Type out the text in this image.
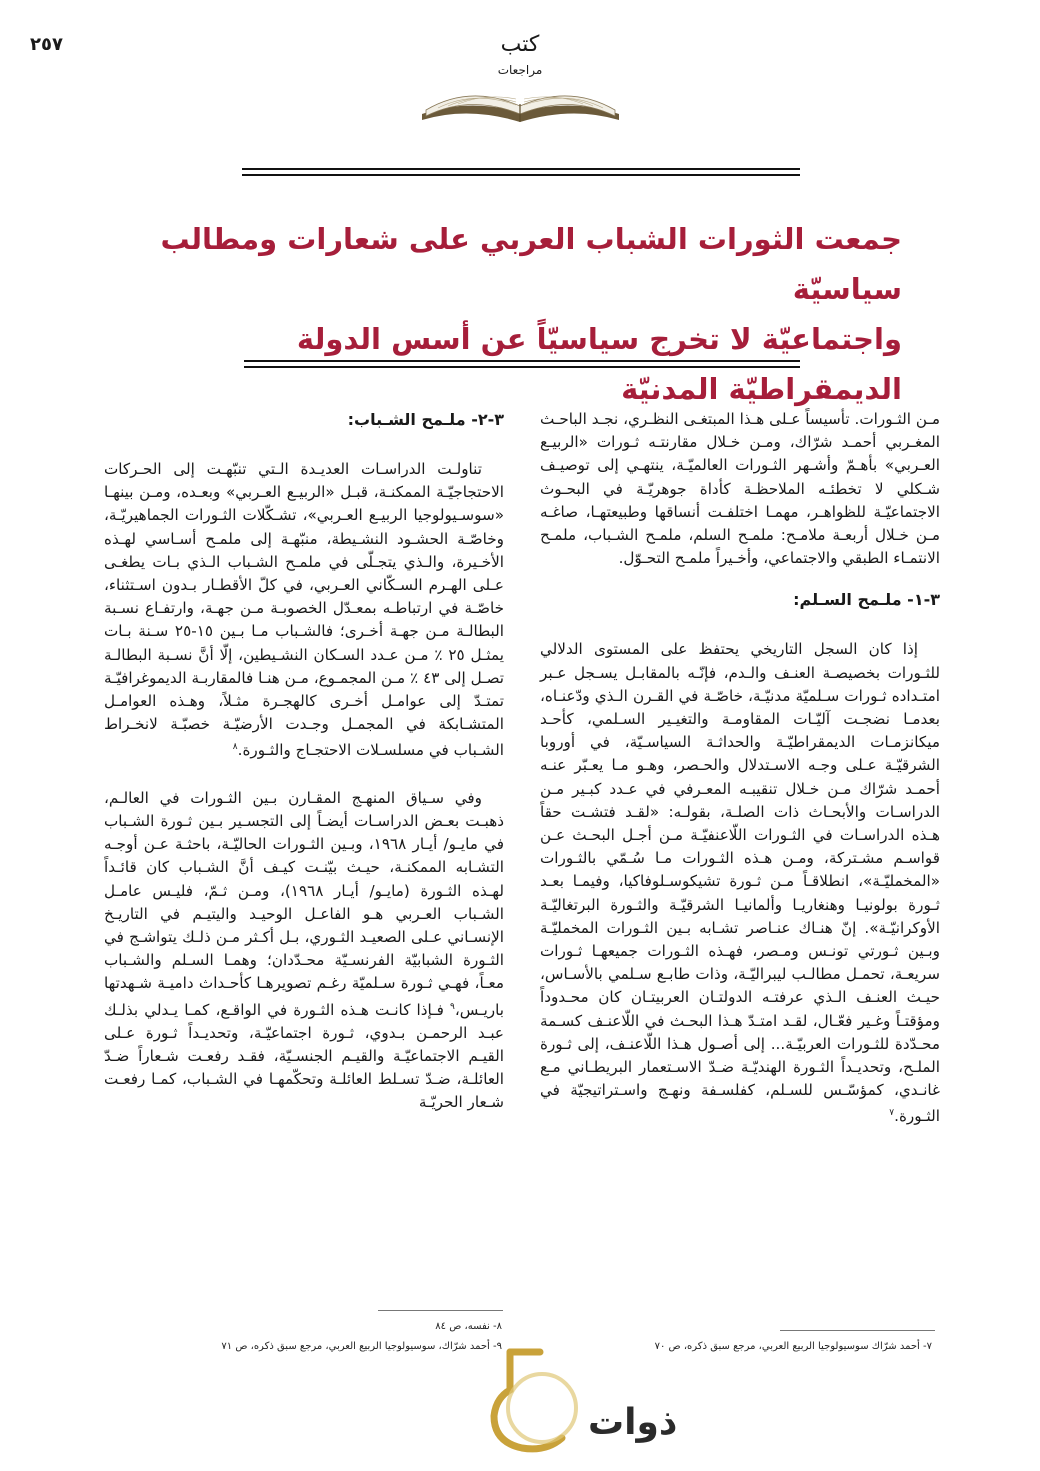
٢٥٧	كتب
مراجعات
جمعت الثورات الشباب العربي على شعارات ومطالب سياسيّة
واجتماعيّة لا تخرج سياسيّاً عن أسس الدولة الديمقراطيّة المدنيّة

مـن الثـورات. تأسيساً عـلى هـذا المبتغـى النظـري، نجـد الباحـث المغـربي أحمـد شرّاك، ومـن خـلال مقارنتـه ثـورات «الربيـع العـربي» بأهـمّ وأشـهر الثـورات العالميّـة، ينتهـي إلى توصيـف شـكلي لا تخطئـه الملاحظـة كأداة جوهريّـة في البحـوث الاجتماعيّـة للظواهـر، مهمـا اختلفـت أنساقها وطبيعتهـا، صاغـه مـن خـلال أربعـة ملامـح: ملمـح السلم، ملمـح الشـباب، ملمـح الانتمـاء الطبقي والاجتماعي، وأخـيراً ملمـح التحـوّل.

٣-١- ملـمح السـلم:

إذا كان السجل التاريخي يحتفظ على المستوى الدلالي للثـورات بخصيصـة العنـف والـدم، فإنّـه بالمقابـل يسـجل عـبر امتـداده ثـورات سـلميّة مدنيّـة، خاصّـة في القـرن الـذي ودّعنـاه، بعدمـا نضجـت آليّـات المقاومـة والتغيـير السـلمي، كأحـد ميكانزمـات الديمقراطيّـة والحداثـة السياسـيّة، في أوروبا الشرقيّـة عـلى وجـه الاسـتدلال والحـصر، وهـو مـا يعـبّر عنـه أحمـد شرّاك مـن خـلال تنقيبـه المعـرفي في عـدد كبـير مـن الدراسـات والأبحـاث ذات الصلـة، بقولـه: «لقـد فتشـت حقاً هـذه الدراسـات في الثـورات اللّاعنفيّـة مـن أجـل البحـث عـن قواسـم مشـتركة، ومـن هـذه الثـورات مـا سُـمّي بالثـورات «المخمليّـة»، انطلاقـاً مـن ثـورة تشيكوسـلوفاكيا، وفيمـا بعـد ثـورة بولونيـا وهنغاريـا وألمانيـا الشرقيّـة والثـورة البرتغاليّـة الأوكرانيّـة». إنّ هنـاك عنـاصر تشـابه بـين الثـورات المخمليّـة وبـين ثـورتي تونـس ومـصر، فهـذه الثـورات جميعهـا ثـورات سريعـة، تحمـل مطالـب ليبراليّـة، وذات طابـع سـلمي بالأسـاس، حيـث العنـف الـذي عرفتـه الدولتـان العربيتـان كان محـدوداً ومؤقتـاً وغـير فعّـال، لقـد امتـدّ هـذا البحـث في اللّاعنـف كسـمة محـدّدة للثـورات العربيّـة... إلى أصـول هـذا اللّاعنـف، إلى ثـورة الملـح، وتحديـداً الثـورة الهنديّـة ضـدّ الاسـتعمار البريطـاني مـع غانـدي، كمؤسّـس للسـلم، كفلسـفة ونهـج واسـتراتيجيّة في الثـورة.$^٧$

٣-٢- ملـمح الشـباب:

تناولـت الدراسـات العديـدة الـتي تنبّهـت إلى الحـركات الاحتجاجيّـة الممكنـة، قبـل «الربيـع العـربي» وبعـده، ومـن بينهـا «سوسـيولوجيا الربيـع العـربي»، تشـكّلات الثـورات الجماهيريّـة، وخاصّـة الحشـود النشـيطة، منبّهـة إلى ملمـح أسـاسي لهـذه الأخـيرة، والـذي يتجـلّى في ملمـح الشـباب الـذي بـات يطغـى عـلى الهـرم السـكّاني العـربي، في كلّ الأقطـار بـدون اسـتثناء، خاصّـة في ارتباطـه بمعـدّل الخصوبـة مـن جهـة، وارتفـاع نسـبة البطالـة مـن جهـة أخـرى؛ فالشـباب مـا بـين ١٥-٢٥ سـنة بـات يمثـل ٢٥ ٪ مـن عـدد السـكان النشـيطين، إلّا أنَّ نسـبة البطالـة تصـل إلى ٤٣ ٪ مـن المجمـوع، مـن هنـا فالمقاربـة الديموغرافيّـة تمتـدّ إلى عوامـل أخـرى كالهجـرة مثـلاً، وهـذه العوامـل المتشـابكة في المجمـل وجـدت الأرضيّـة خصبّـة لانخـراط الشـباب في مسلسـلات الاحتجـاج والثـورة.$^٨$

وفي سـياق المنهـج المقـارن بـين الثـورات في العالـم، ذهبـت بعـض الدراسـات أيضـاً إلى التجسـير بـين ثـورة الشـباب في مايـو/ أيـار ١٩٦٨، وبـين الثـورات الحاليّـة، باحثـة عـن أوجـه التشـابه الممكنـة، حيـث بيّنـت كيـف أنَّ الشـباب كان قائـداً لهـذه الثـورة (مايـو/ أيـار ١٩٦٨)، ومـن ثـمّ، فليـس عامـل الشـباب العـربي هـو الفاعـل الوحيـد واليتيـم في التاريـخ الإنسـاني عـلى الصعيـد الثـوري، بـل أكـثر مـن ذلـك يتواشـج في الثـورة الشبابيّة الفرنسـيّة محـدّدان؛ وهمـا السـلم والشـباب معـاً، فهـي ثـورة سـلميّة رغـم تصويرهـا كأحـداث داميـة شـهدتها باريـس،$^٩$ فـإذا كانـت هـذه الثـورة في الواقـع، كمـا يـدلي بذلـك عبـد الرحمـن بـدوي، ثـورة اجتماعيّـة، وتحديـداً ثـورة عـلى القيـم الاجتماعيّـة والقيـم الجنسـيّة، فقـد رفعـت شـعاراً ضـدّ العائلـة، ضـدّ تسـلط العائلـة وتحكّمهـا في الشـباب، كمـا رفعـت شـعار الحريّـة

٧- أحمد شرّاك سوسيولوجيا الربيع العربي، مرجع سبق ذكره، ص ٧٠
٨- نفسه، ص ٨٤
٩- أحمد شرّاك، سوسيولوجيا الربيع العربي، مرجع سبق ذكره، ص ٧١
ذوات
